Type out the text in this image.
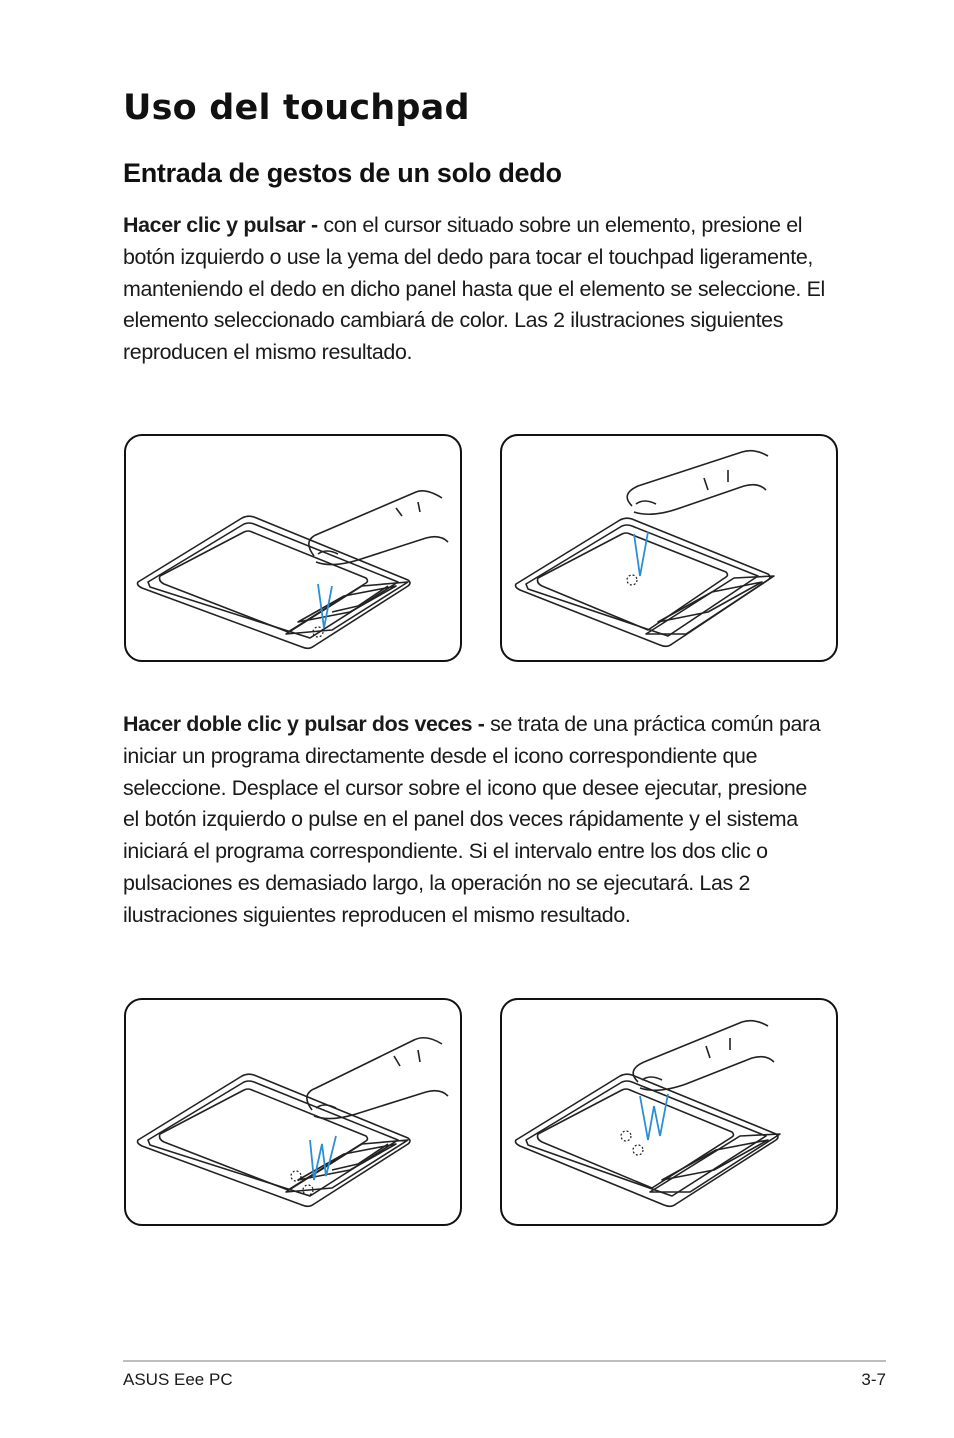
Uso del touchpad
Entrada de gestos de un solo dedo

Hacer clic y pulsar - con el cursor situado sobre un elemento, presione el botón izquierdo o use la yema del dedo para tocar el touchpad ligeramente, manteniendo el dedo en dicho panel hasta que el elemento se seleccione. El elemento seleccionado cambiará de color. Las 2 ilustraciones siguientes reproducen el mismo resultado.

Hacer doble clic y pulsar dos veces - se trata de una práctica común para iniciar un programa directamente desde el icono correspondiente que seleccione. Desplace el cursor sobre el icono que desee ejecutar, presione el botón izquierdo o pulse en el panel dos veces rápidamente y el sistema iniciará el programa correspondiente. Si el intervalo entre los dos clic o pulsaciones es demasiado largo, la operación no se ejecutará. Las 2 ilustraciones siguientes reproducen el mismo resultado.

ASUS Eee PC	3-7
